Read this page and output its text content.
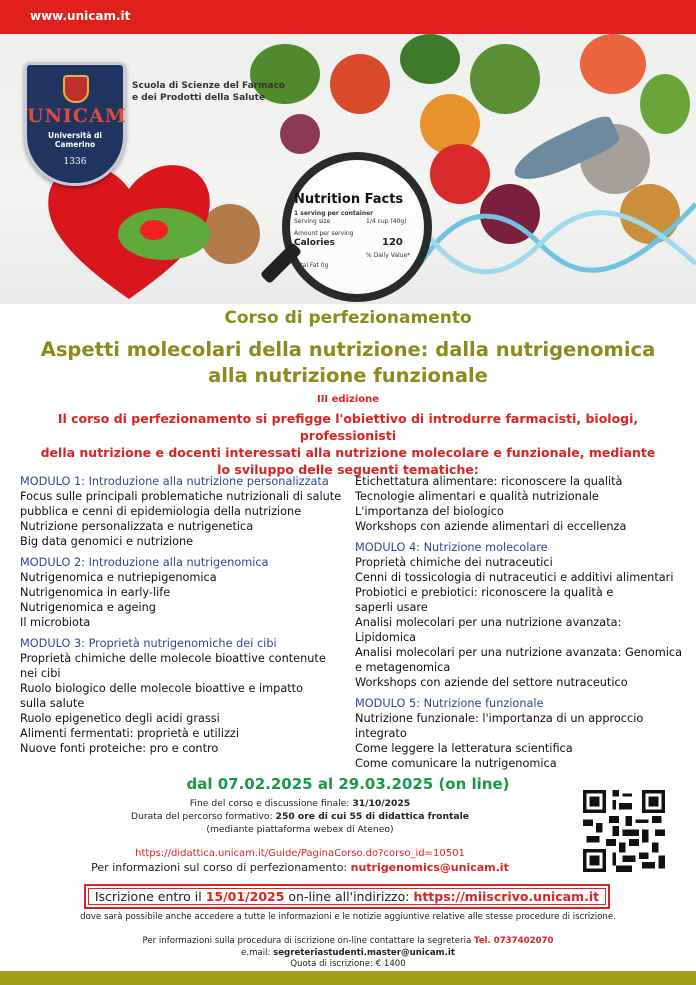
www.unicam.it
Nutrition Facts
1 serving per container
Serving size	1/4 cup (40g)
Amount per serving
Calories	120
% Daily Value*
Total Fat 0g
UNICAM
Università di Camerino
1336
Scuola di Scienze del Farmaco
e dei Prodotti della Salute
Corso di perfezionamento
Aspetti molecolari della nutrizione: dalla nutrigenomica
alla nutrizione funzionale
III edizione
Il corso di perfezionamento si prefigge l'obiettivo di introdurre farmacisti, biologi, professionisti
della nutrizione e docenti interessati alla nutrizione molecolare e funzionale, mediante
lo sviluppo delle seguenti tematiche:
MODULO 1: Introduzione alla nutrizione personalizzata
Focus sulle principali problematiche nutrizionali di salute
pubblica e cenni di epidemiologia della nutrizione
Nutrizione personalizzata e nutrigenetica
Big data genomici e nutrizione
MODULO 2: Introduzione alla nutrigenomica
Nutrigenomica e nutriepigenomica
Nutrigenomica in early-life
Nutrigenomica e ageing
Il microbiota
MODULO 3: Proprietà nutrigenomiche dei cibi
Proprietà chimiche delle molecole bioattive contenute
nei cibi
Ruolo biologico delle molecole bioattive e impatto
sulla salute
Ruolo epigenetico degli acidi grassi
Alimenti fermentati: proprietà e utilizzi
Nuove fonti proteiche: pro e contro
Etichettatura alimentare: riconoscere la qualità
Tecnologie alimentari e qualità nutrizionale
L'importanza del biologico
Workshops con aziende alimentari di eccellenza
MODULO 4: Nutrizione molecolare
Proprietà chimiche dei nutraceutici
Cenni di tossicologia di nutraceutici e additivi alimentari
Probiotici e prebiotici: riconoscere la qualità e
saperli usare
Analisi molecolari per una nutrizione avanzata: Lipidomica
Analisi molecolari per una nutrizione avanzata: Genomica
e metagenomica
Workshops con aziende del settore nutraceutico
MODULO 5: Nutrizione funzionale
Nutrizione funzionale: l'importanza di un approccio
integrato
Come leggere la letteratura scientifica
Come comunicare la nutrigenomica
dal 07.02.2025 al 29.03.2025 (on line)
Fine del corso e discussione finale: 31/10/2025
Durata del percorso formativo: 250 ore di cui 55 di didattica frontale
(mediante piattaforma webex di Ateneo)
https://didattica.unicam.it/Guide/PaginaCorso.do?corso_id=10501
Per informazioni sul corso di perfezionamento: nutrigenomics@unicam.it
Iscrizione entro il 15/01/2025 on-line all'indirizzo: https://miiscrivo.unicam.it
dove sarà possibile anche accedere a tutte le informazioni e le notizie aggiuntive relative alle stesse procedure di iscrizione.
Per informazioni sulla procedura di iscrizione on-line contattare la segreteria Tel. 0737402070
e.mail: segreteriastudenti.master@unicam.it
Quota di iscrizione: € 1400
